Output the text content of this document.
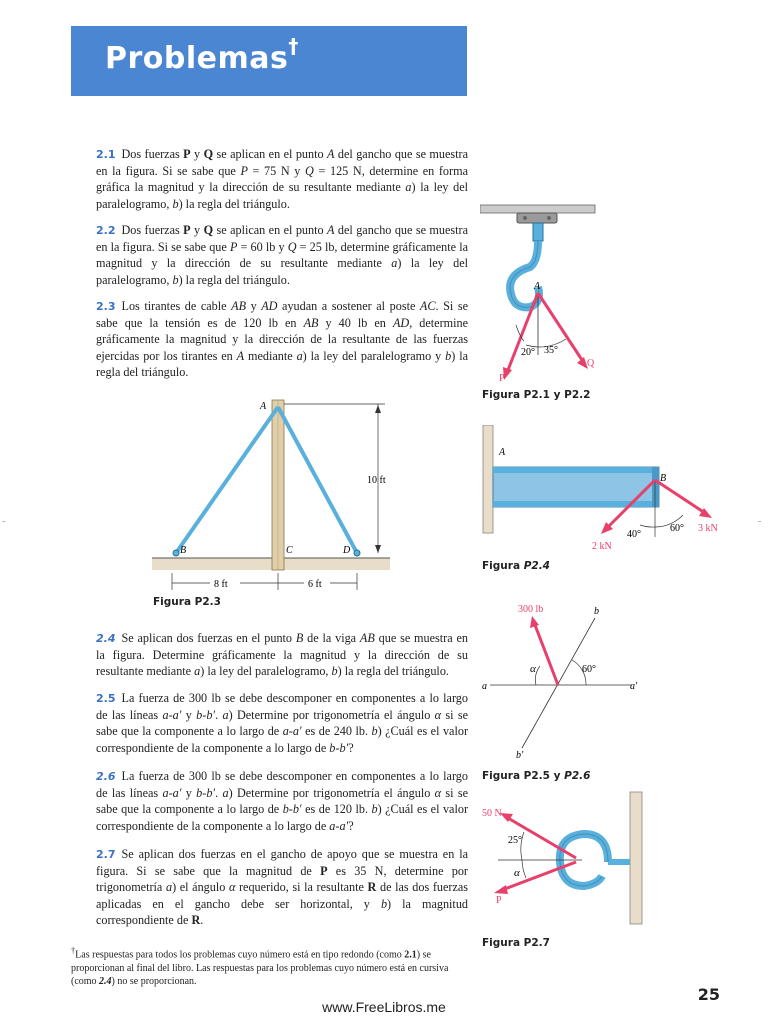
Problemas†
2.1 Dos fuerzas P y Q se aplican en el punto A del gancho que se muestra en la figura. Si se sabe que P = 75 N y Q = 125 N, determine en forma gráfica la magnitud y la dirección de su resultante mediante a) la ley del paralelogramo, b) la regla del triángulo.
2.2 Dos fuerzas P y Q se aplican en el punto A del gancho que se muestra en la figura. Si se sabe que P = 60 lb y Q = 25 lb, determine gráficamente la magnitud y la dirección de su resultante mediante a) la ley del paralelogramo, b) la regla del triángulo.
2.3 Los tirantes de cable AB y AD ayudan a sostener al poste AC. Si se sabe que la tensión es de 120 lb en AB y 40 lb en AD, determine gráficamente la magnitud y la dirección de la resultante de las fuerzas ejercidas por los tirantes en A mediante a) la ley del paralelogramo y b) la regla del triángulo.
2.4 Se aplican dos fuerzas en el punto B de la viga AB que se muestra en la figura. Determine gráficamente la magnitud y la dirección de su resultante mediante a) la ley del paralelogramo, b) la regla del triángulo.
2.5 La fuerza de 300 lb se debe descomponer en componentes a lo largo de las líneas a-a′ y b-b′. a) Determine por trigonometría el ángulo α si se sabe que la componente a lo largo de a-a′ es de 240 lb. b) ¿Cuál es el valor correspondiente de la componente a lo largo de b-b′?
2.6 La fuerza de 300 lb se debe descomponer en componentes a lo largo de las líneas a-a′ y b-b′. a) Determine por trigonometría el ángulo α si se sabe que la componente a lo largo de b-b′ es de 120 lb. b) ¿Cuál es el valor correspondiente de la componente a lo largo de a-a′?
2.7 Se aplican dos fuerzas en el gancho de apoyo que se muestra en la figura. Si se sabe que la magnitud de P es 35 N, determine por trigonometría a) el ángulo α requerido, si la resultante R de las dos fuerzas aplicadas en el gancho debe ser horizontal, y b) la magnitud correspondiente de R.
A
20° 35°
P
Q
Figura P2.1 y P2.2
A
B	C	D
10 ft
8 ft	6 ft
Figura P2.3
A
B
40°
60°
2 kN
3 kN
Figura P2.4
300 lb
a	a′
b
b′
α	60°
Figura P2.5 y P2.6
50 N
P
25°
α
Figura P2.7
†Las respuestas para todos los problemas cuyo número está en tipo redondo (como 2.1) se proporcionan al final del libro. Las respuestas para los problemas cuyo número está en cursiva (como 2.4) no se proporcionan.
www.FreeLibros.me
25
-	-
